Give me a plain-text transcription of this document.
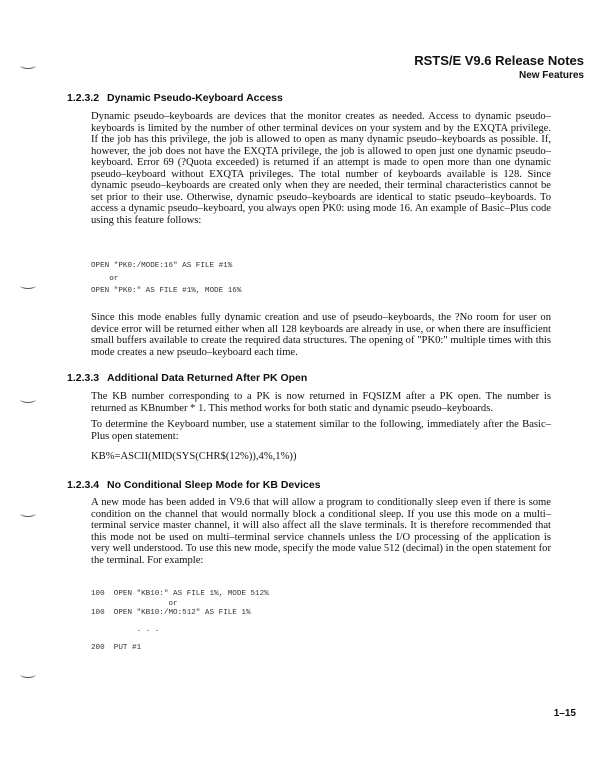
RSTS/E V9.6 Release Notes
New Features
1.2.3.2 Dynamic Pseudo-Keyboard Access
Dynamic pseudo–keyboards are devices that the monitor creates as needed. Access to dynamic pseudo–keyboards is limited by the number of other terminal devices on your system and by the EXQTA privilege. If the job has this privilege, the job is allowed to open as many dynamic pseudo–keyboards as possible. If, however, the job does not have the EXQTA privilege, the job is allowed to open just one dynamic pseudo–keyboard. Error 69 (?Quota exceeded) is returned if an attempt is made to open more than one dynamic pseudo–keyboard without EXQTA privileges. The total number of keyboards available is 128. Since dynamic pseudo–keyboards are created only when they are needed, their terminal characteristics cannot be set prior to their use. Otherwise, dynamic pseudo–keyboards are identical to static pseudo–keyboards. To access a dynamic pseudo–keyboard, you always open PK0: using mode 16. An example of Basic–Plus code using this feature follows:
OPEN "PK0:/MODE:16" AS FILE #1%
or
OPEN "PK0:" AS FILE #1%, MODE 16%
Since this mode enables fully dynamic creation and use of pseudo–keyboards, the ?No room for user on device error will be returned either when all 128 keyboards are already in use, or when there are insufficient small buffers available to create the required data structures. The opening of "PK0:" multiple times with this mode creates a new pseudo–keyboard each time.
1.2.3.3 Additional Data Returned After PK Open
The KB number corresponding to a PK is now returned in FQSIZM after a PK open. The number is returned as KBnumber * 1. This method works for both static and dynamic pseudo–keyboards.
To determine the Keyboard number, use a statement similar to the following, immediately after the Basic–Plus open statement:
KB%=ASCII(MID(SYS(CHR$(12%)),4%,1%))
1.2.3.4 No Conditional Sleep Mode for KB Devices
A new mode has been added in V9.6 that will allow a program to conditionally sleep even if there is some condition on the channel that would normally block a conditional sleep. If you use this mode on a multi–terminal service master channel, it will also affect all the slave terminals. It is therefore recommended that this mode not be used on multi–terminal service channels unless the I/O processing of the application is very well understood. To use this new mode, specify the mode value 512 (decimal) in the open statement for the terminal. For example:
100  OPEN "KB10:" AS FILE 1%, MODE 512%
or
100  OPEN "KB10:/MO:512" AS FILE 1%
. . .
200  PUT #1
1–15
